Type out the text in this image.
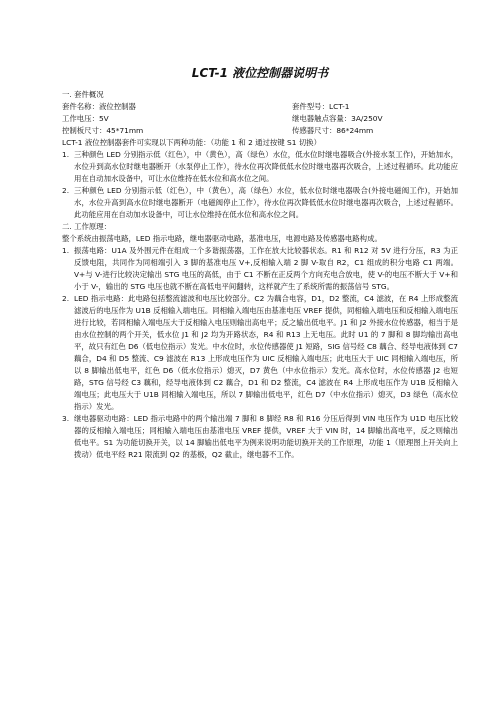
LCT-1 液位控制器说明书
一. 套件概况
套件名称：液位控制器	套件型号：LCT-1
工作电压：5V	继电器触点容量：3A/250V
控制板尺寸：45*71mm	传感器尺寸：86*24mm
LCT-1 液位控制器套件可实现以下两种功能：（功能 1 和 2 通过按键 S1 切换）
1. 三种颜色 LED 分别指示低（红色），中（黄色），高（绿色）水位，低水位时继电器吸合(外接水泵工作)，开始加水，水位升到高水位时继电器断开（水泵停止工作），待水位再次降低低水位时继电器再次吸合，上述过程循环。此功能应用在自动加水设备中，可让水位维持在低水位和高水位之间。
2. 三种颜色 LED 分别指示低（红色），中（黄色），高（绿色）水位，低水位时继电器吸合(外接电磁阀工作)，开始加水，水位升高到高水位时继电器断开（电磁阀停止工作），待水位再次降低低水位时继电器再次吸合，上述过程循环。此功能应用在自动加水设备中，可让水位维持在低水位和高水位之间。
二. 工作原理：
整个系统由振荡电路，LED 指示电路，继电器驱动电路，基准电压，电源电路及传感器电路构成。
1. 振荡电路：U1A 及外围元件在组成一个多谐振荡器，工作在放大比较器状态。R1 和 R12 对 5V 进行分压，R3 为正反馈电阻，共同作为同相端引入 3 脚的基准电压 V+,反相输入端 2 脚 V-取自 R2，C1 组成的积分电路 C1 两端。V+与 V-进行比较决定输出 STG 电压的高低，由于 C1 不断在正反两个方向充电合放电，使 V-的电压不断大于 V+和小于 V-，输出的 STG 电压也就不断在高低电平间翻转，这样就产生了系统所需的振荡信号 STG。
2. LED 指示电路：此电路包括整流滤波和电压比较部分。C2 为藕合电容，D1，D2 整流，C4 滤波，在 R4 上形成整流滤波后的电压作为 U1B 反相输入端电压。同相输入端电压由基准电压 VREF 提供，同相输入端电压和反相输入端电压进行比较，若同相输入端电压大于反相输入电压则输出高电平；反之输出低电平。J1 和 J2 外接水位传感器，相当于是由水位控制的两个开关，低水位 J1 和 J2 均为开路状态，R4 和 R13 上无电压。此时 U1 的 7 脚和 8 脚均输出高电平，故只有红色 D6（低电位指示）发光。中水位时，水位传感器使 J1 短路，SIG 信号经 C8 藕合、经导电液体到 C7 藕合，D4 和 D5 整流、C9 滤波在 R13 上形成电压作为 UIC 反相输入端电压；此电压大于 UIC 同相输入端电压，所以 8 脚输出低电平，红色 D6（低水位指示）熄灭，D7 黄色（中水位指示）发光。高水位时，水位传感器 J2 也短路，STG 信号经 C3 藕和，经导电液体到 C2 藕合，D1 和 D2 整流，C4 滤波在 R4 上形成电压作为 U1B 反相输入端电压；此电压大于 U1B 同相输入端电压，所以 7 脚输出低电平，红色 D7（中水位指示）熄灭，D3 绿色（高水位指示）发光。
3. 继电器驱动电路：LED 指示电路中的两个输出端 7 脚和 8 脚经 R8 和 R16 分压后得到 VIN 电压作为 U1D 电压比较器的反相输入端电压；同相输入端电压由基准电压 VREF 提供，VREF 大于 VIN 时，14 脚输出高电平，反之则输出低电平。S1 为功能切换开关，以 14 脚输出低电平为例来说明功能切换开关的工作原理，功能 1（原理图上开关向上拨动）低电平经 R21 限流到 Q2 的基极，Q2 截止，继电器不工作。
